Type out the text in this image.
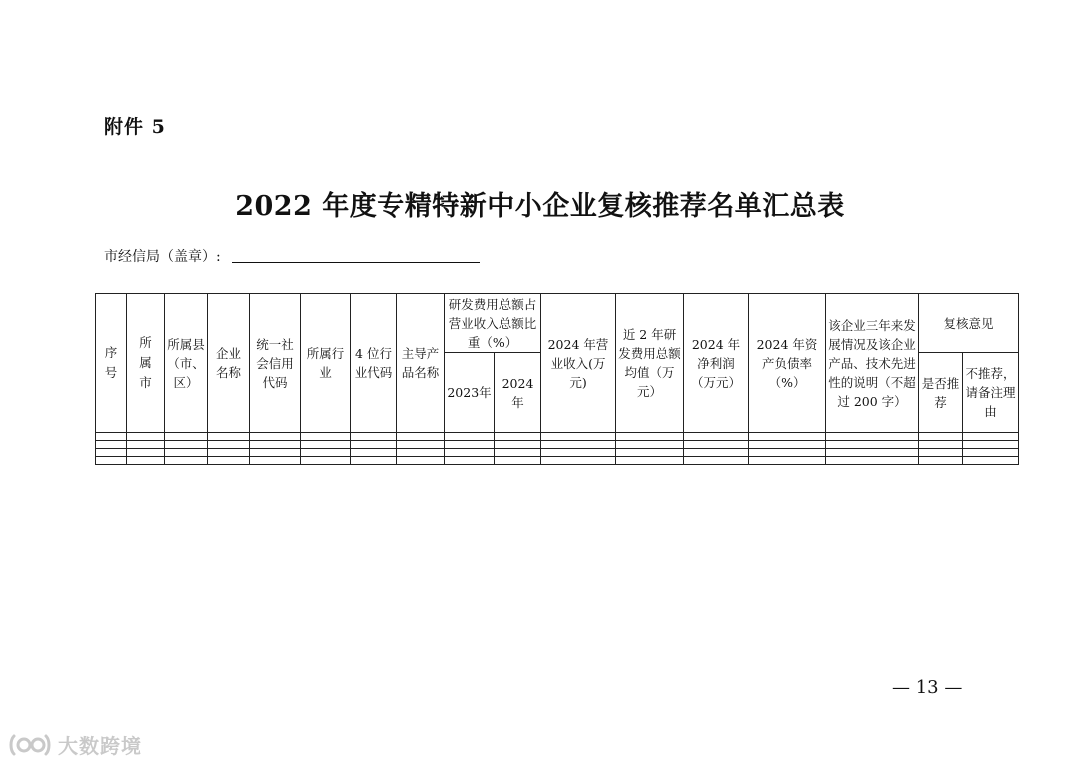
附件 5
2022 年度专精特新中小企业复核推荐名单汇总表
市经信局（盖章）:
序号	所属市	所属县（市、区）	企业名称	统一社会信用代码	所属行业	4 位行业代码	主导产品名称	研发费用总额占营业收入总额比重（%）		2024 年营业收入(万元)	近 2 年研发费用总额均值（万元）	2024 年净利润（万元）	2024 年资产负债率（%）	该企业三年来发展情况及该企业产品、技术先进性的说明（不超过 200 字）	复核意见	
								2023年	2024年						是否推荐	不推荐，请备注理由

— 13 —
大数跨境
